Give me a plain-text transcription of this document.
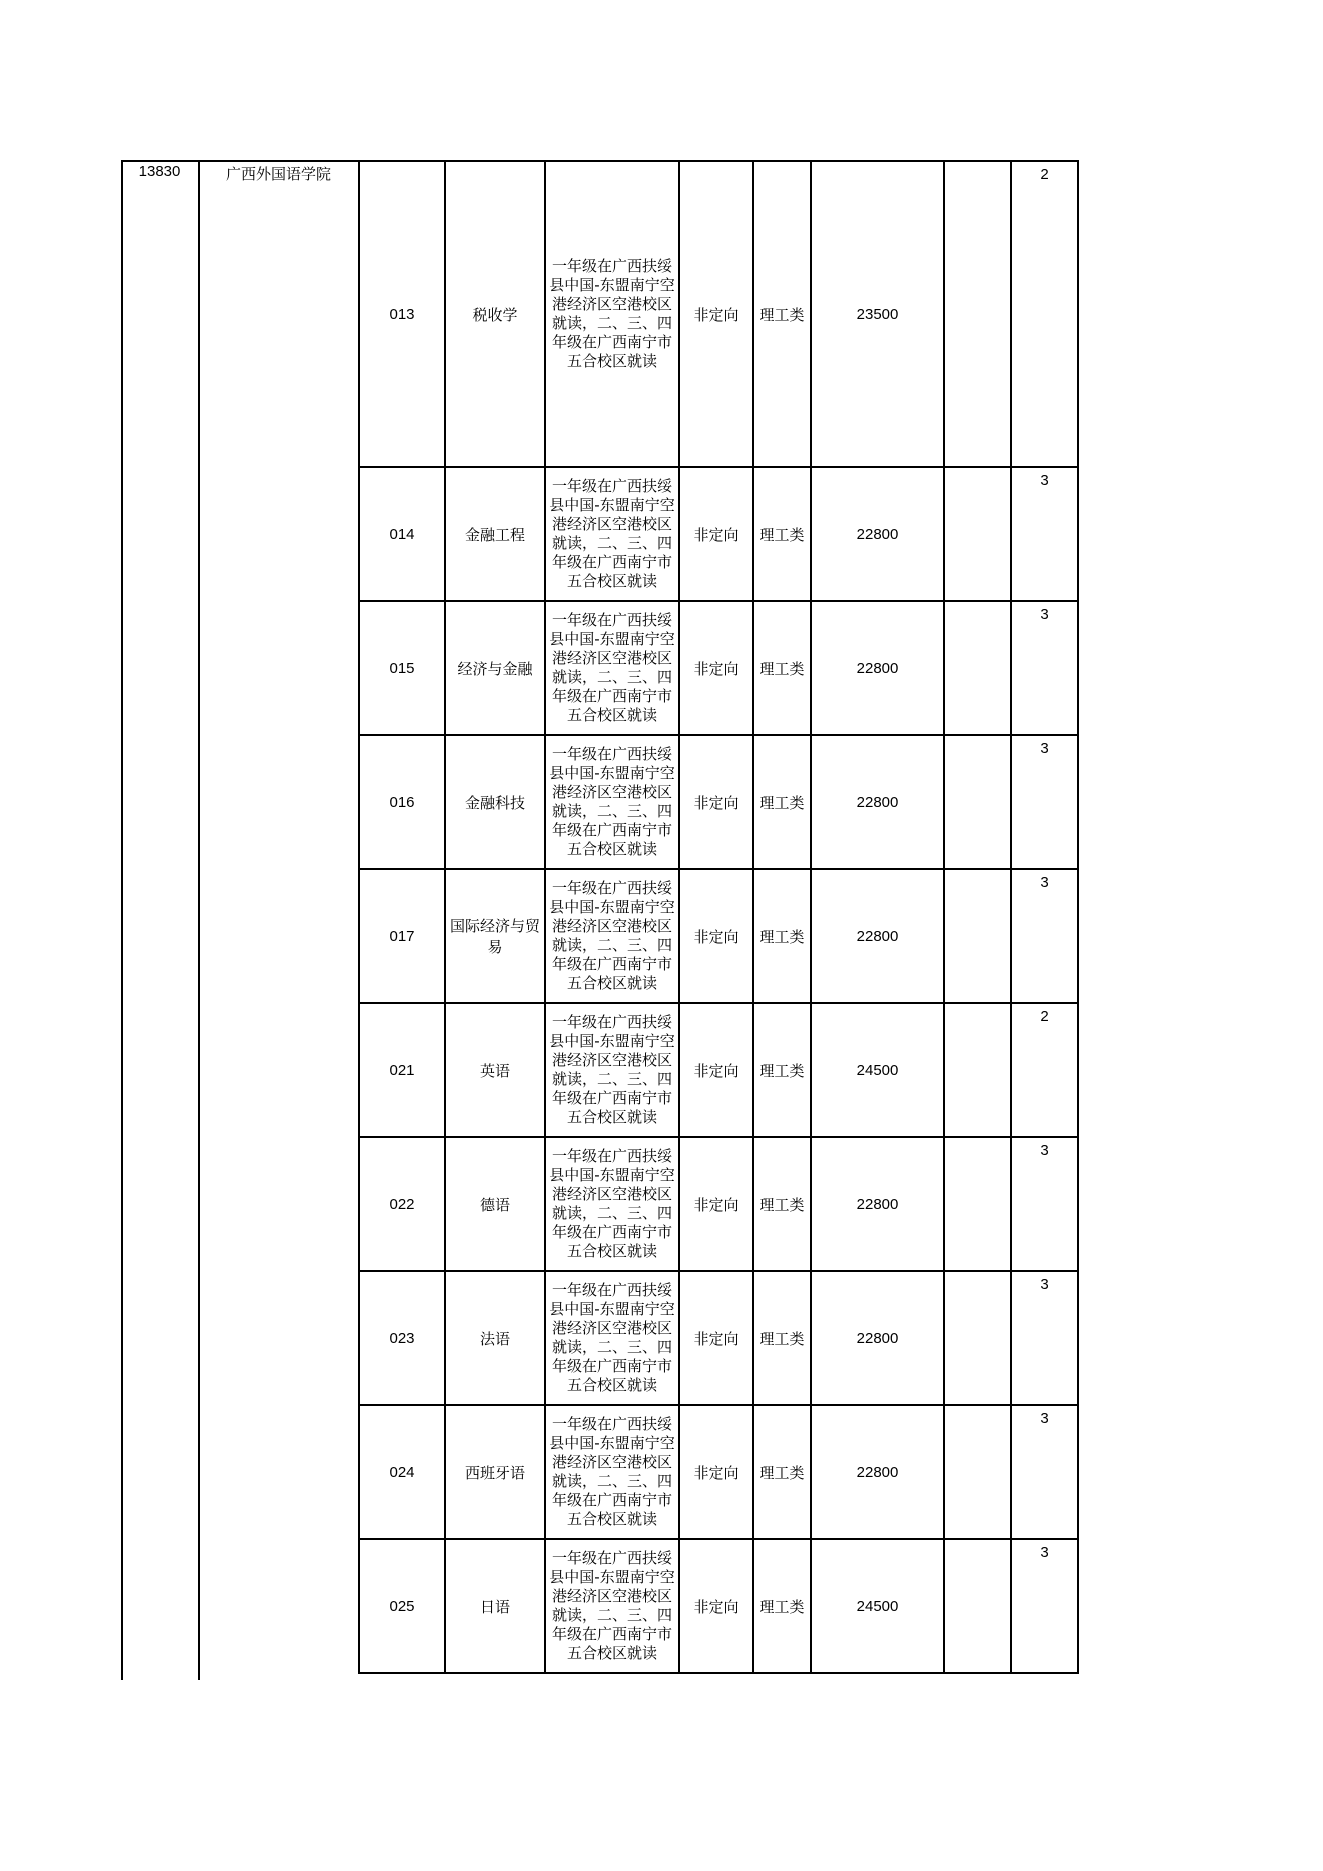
13830	广西外国语学院
013	税收学	一年级在广西扶绥县中国-东盟南宁空港经济区空港校区就读，二、三、四年级在广西南宁市五合校区就读	非定向	理工类	23500		2

014	金融工程	一年级在广西扶绥县中国-东盟南宁空港经济区空港校区就读，二、三、四年级在广西南宁市五合校区就读	非定向	理工类	22800		3

015	经济与金融	一年级在广西扶绥县中国-东盟南宁空港经济区空港校区就读，二、三、四年级在广西南宁市五合校区就读	非定向	理工类	22800		3

016	金融科技	一年级在广西扶绥县中国-东盟南宁空港经济区空港校区就读，二、三、四年级在广西南宁市五合校区就读	非定向	理工类	22800		3

017	国际经济与贸易	一年级在广西扶绥县中国-东盟南宁空港经济区空港校区就读，二、三、四年级在广西南宁市五合校区就读	非定向	理工类	22800		3

021	英语	一年级在广西扶绥县中国-东盟南宁空港经济区空港校区就读，二、三、四年级在广西南宁市五合校区就读	非定向	理工类	24500		2

022	德语	一年级在广西扶绥县中国-东盟南宁空港经济区空港校区就读，二、三、四年级在广西南宁市五合校区就读	非定向	理工类	22800		3

023	法语	一年级在广西扶绥县中国-东盟南宁空港经济区空港校区就读，二、三、四年级在广西南宁市五合校区就读	非定向	理工类	22800		3

024	西班牙语	一年级在广西扶绥县中国-东盟南宁空港经济区空港校区就读，二、三、四年级在广西南宁市五合校区就读	非定向	理工类	22800		3

025	日语	一年级在广西扶绥县中国-东盟南宁空港经济区空港校区就读，二、三、四年级在广西南宁市五合校区就读	非定向	理工类	24500		3
